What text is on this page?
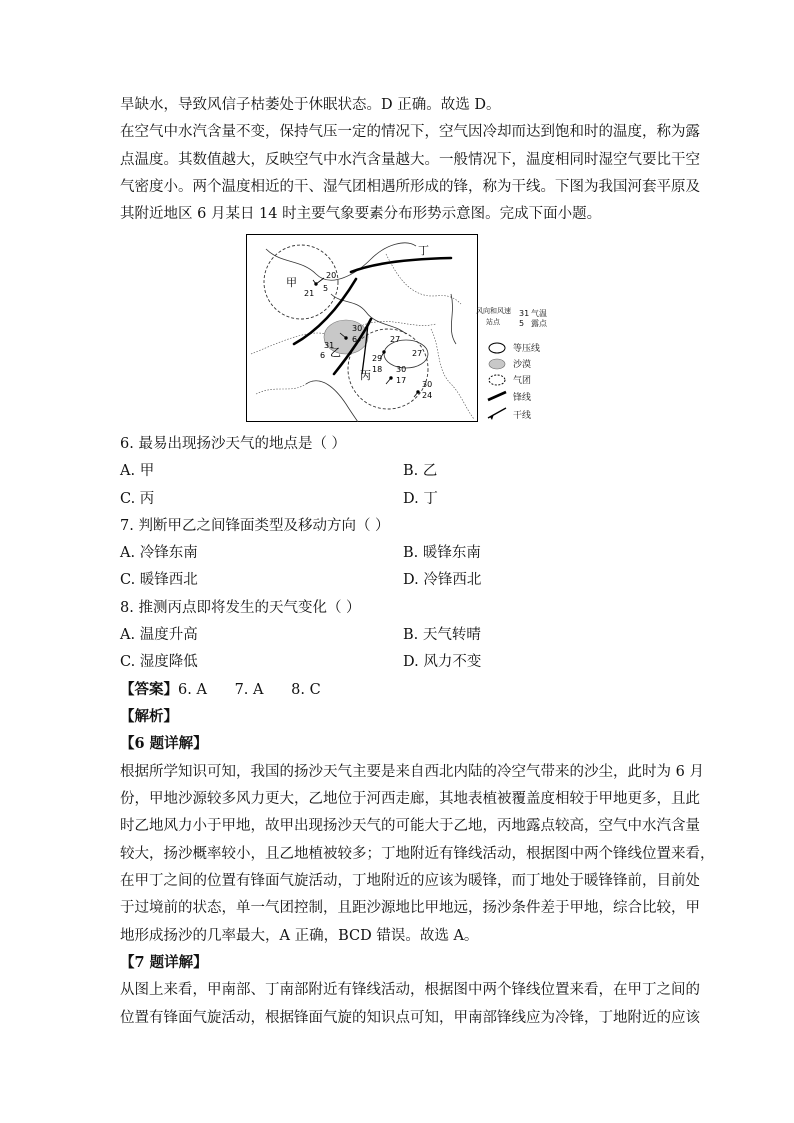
旱缺水，导致风信子枯萎处于休眠状态。D 正确。故选 D。
在空气中水汽含量不变，保持气压一定的情况下，空气因冷却而达到饱和时的温度，称为露
点温度。其数值越大，反映空气中水汽含量越大。一般情况下，温度相同时湿空气要比干空
气密度小。两个温度相近的干、湿气团相遇所形成的锋，称为干线。下图为我国河套平原及
其附近地区 6 月某日 14 时主要气象要素分布形势示意图。完成下面小题。
甲
乙
丙
丁
20
5
21
30
6
31
6
27
29
18 30
17
27
30
24
风向和风速
站点
31 气温
5 露点
等压线
沙漠
气团
锋线
干线
6. 最易出现扬沙天气的地点是（ ）
A. 甲	B. 乙
C. 丙	D. 丁
7. 判断甲乙之间锋面类型及移动方向（ ）
A. 冷锋东南	B. 暖锋东南
C. 暖锋西北	D. 冷锋西北
8. 推测丙点即将发生的天气变化（ ）
A. 温度升高	B. 天气转晴
C. 湿度降低	D. 风力不变
【答案】6. A      7. A      8. C
【解析】
【6 题详解】
根据所学知识可知，我国的扬沙天气主要是来自西北内陆的冷空气带来的沙尘，此时为 6 月
份，甲地沙源较多风力更大，乙地位于河西走廊，其地表植被覆盖度相较于甲地更多，且此
时乙地风力小于甲地，故甲出现扬沙天气的可能大于乙地，丙地露点较高，空气中水汽含量
较大，扬沙概率较小，且乙地植被较多；丁地附近有锋线活动，根据图中两个锋线位置来看，
在甲丁之间的位置有锋面气旋活动，丁地附近的应该为暖锋，而丁地处于暖锋锋前，目前处
于过境前的状态，单一气团控制，且距沙源地比甲地远，扬沙条件差于甲地，综合比较，甲
地形成扬沙的几率最大，A 正确，BCD 错误。故选 A。
【7 题详解】
从图上来看，甲南部、丁南部附近有锋线活动，根据图中两个锋线位置来看，在甲丁之间的
位置有锋面气旋活动，根据锋面气旋的知识点可知，甲南部锋线应为冷锋，丁地附近的应该
